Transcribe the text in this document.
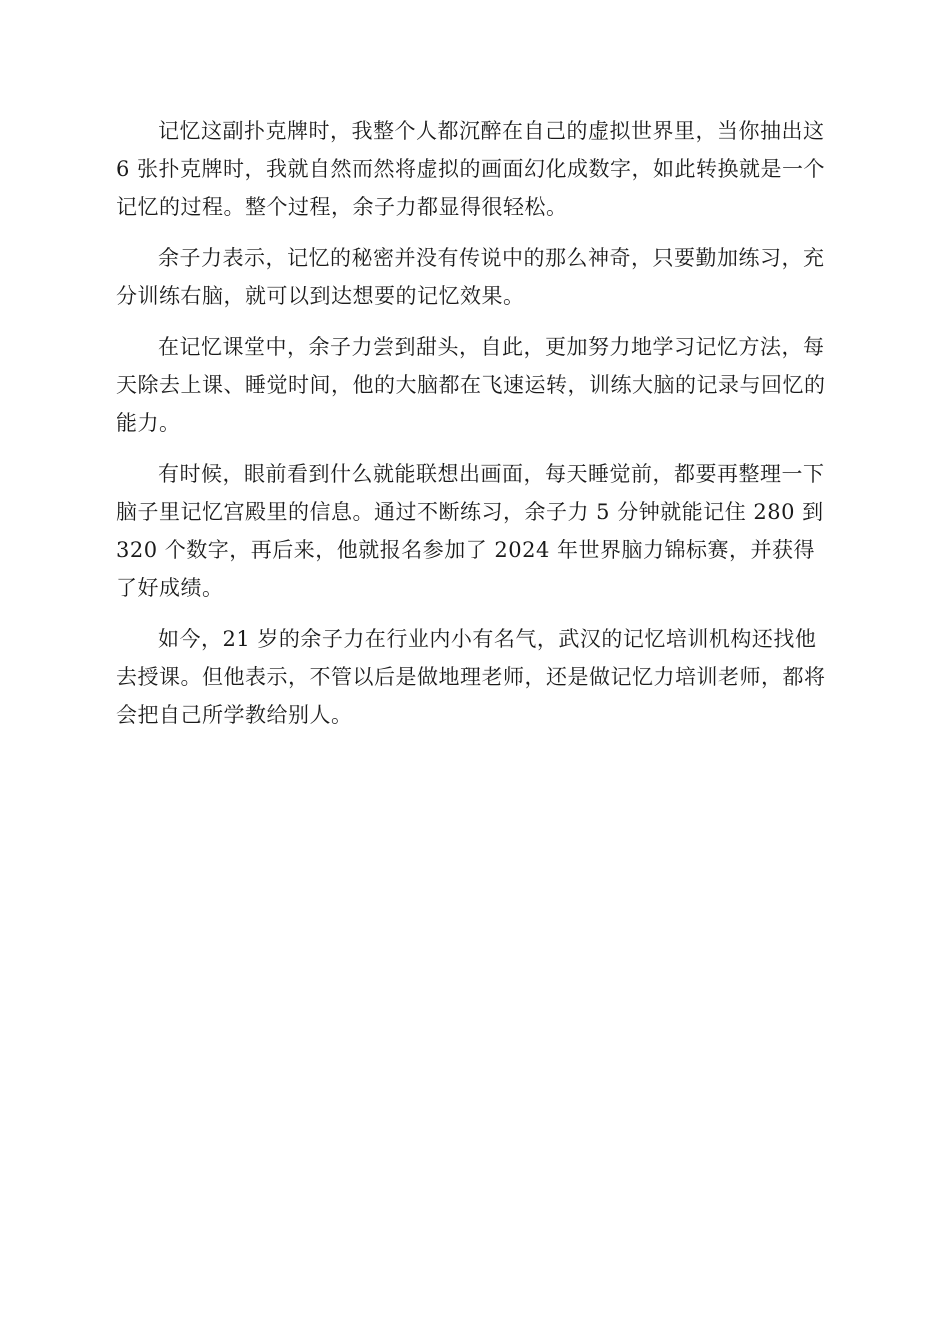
记忆这副扑克牌时，我整个人都沉醉在自己的虚拟世界里，当你抽出这 6 张扑克牌时，我就自然而然将虚拟的画面幻化成数字，如此转换就是一个记忆的过程。整个过程，余子力都显得很轻松。

余子力表示，记忆的秘密并没有传说中的那么神奇，只要勤加练习，充分训练右脑，就可以到达想要的记忆效果。

在记忆课堂中，余子力尝到甜头，自此，更加努力地学习记忆方法，每天除去上课、睡觉时间，他的大脑都在飞速运转，训练大脑的记录与回忆的能力。

有时候，眼前看到什么就能联想出画面，每天睡觉前，都要再整理一下脑子里记忆宫殿里的信息。通过不断练习，余子力 5 分钟就能记住 280 到 320 个数字，再后来，他就报名参加了 2024 年世界脑力锦标赛，并获得了好成绩。

如今，21 岁的余子力在行业内小有名气，武汉的记忆培训机构还找他去授课。但他表示，不管以后是做地理老师，还是做记忆力培训老师，都将会把自己所学教给别人。
